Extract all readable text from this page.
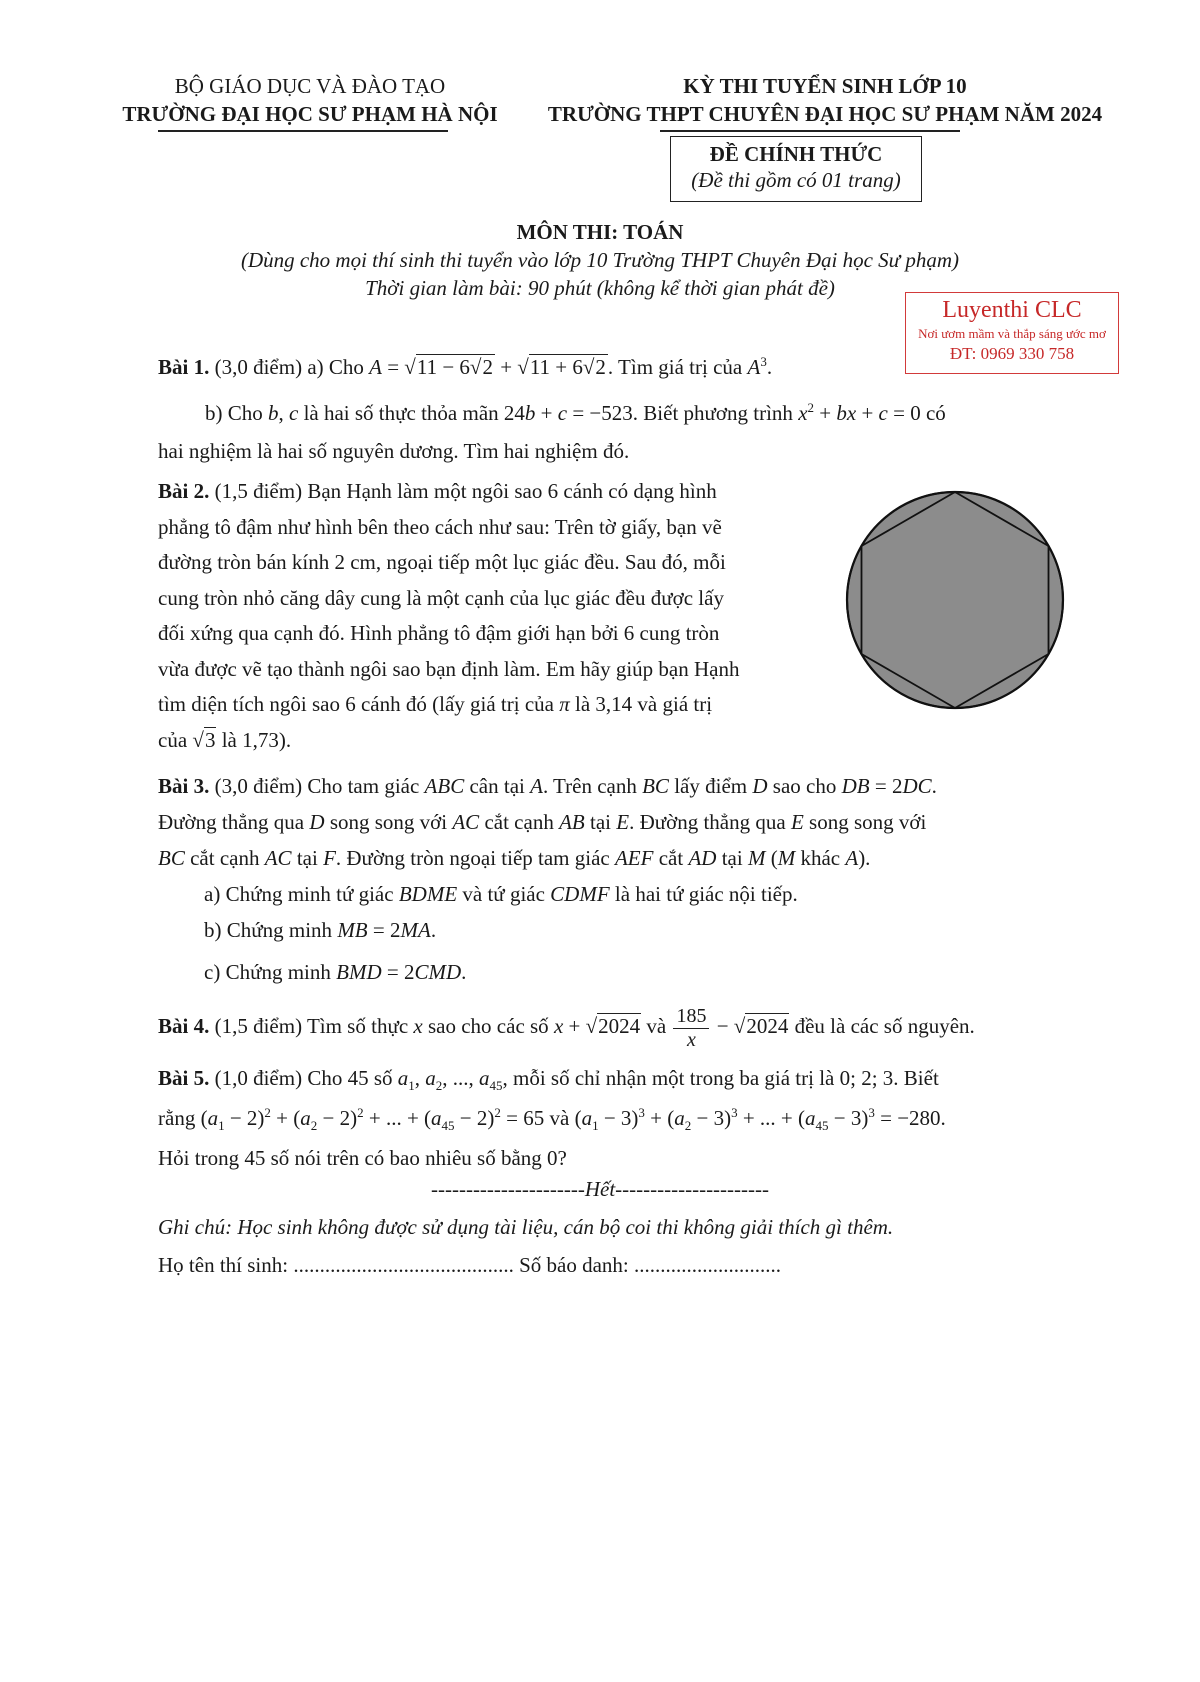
BỘ GIÁO DỤC VÀ ĐÀO TẠO
TRƯỜNG ĐẠI HỌC SƯ PHẠM HÀ NỘI
KỲ THI TUYỂN SINH LỚP 10
TRƯỜNG THPT CHUYÊN ĐẠI HỌC SƯ PHẠM NĂM 2024
ĐỀ CHÍNH THỨC
(Đề thi gồm có 01 trang)
MÔN THI: TOÁN
(Dùng cho mọi thí sinh thi tuyển vào lớp 10 Trường THPT Chuyên Đại học Sư phạm)
Thời gian làm bài: 90 phút (không kể thời gian phát đề)
Luyenthi CLC
Nơi ươm mầm và thắp sáng ước mơ
ĐT: 0969 330 758
Bài 1. (3,0 điểm) a) Cho A = √11 − 6√2 + √11 + 6√2. Tìm giá trị của $A^3$.
b) Cho b, c là hai số thực thỏa mãn 24b + c = −523. Biết phương trình $x^2$ + bx + c = 0 có
hai nghiệm là hai số nguyên dương. Tìm hai nghiệm đó.
Bài 2. (1,5 điểm) Bạn Hạnh làm một ngôi sao 6 cánh có dạng hình
phẳng tô đậm như hình bên theo cách như sau: Trên tờ giấy, bạn vẽ
đường tròn bán kính 2 cm, ngoại tiếp một lục giác đều. Sau đó, mỗi
cung tròn nhỏ căng dây cung là một cạnh của lục giác đều được lấy
đối xứng qua cạnh đó. Hình phẳng tô đậm giới hạn bởi 6 cung tròn
vừa được vẽ tạo thành ngôi sao bạn định làm. Em hãy giúp bạn Hạnh
tìm diện tích ngôi sao 6 cánh đó (lấy giá trị của π là 3,14 và giá trị
của √3 là 1,73).
Bài 3. (3,0 điểm) Cho tam giác ABC cân tại A. Trên cạnh BC lấy điểm D sao cho DB = 2DC.
Đường thẳng qua D song song với AC cắt cạnh AB tại E. Đường thẳng qua E song song với
BC cắt cạnh AC tại F. Đường tròn ngoại tiếp tam giác AEF cắt AD tại M (M khác A).
a) Chứng minh tứ giác BDME và tứ giác CDMF là hai tứ giác nội tiếp.
b) Chứng minh MB = 2MA.
c) Chứng minh BMD = 2CMD.
Bài 4. (1,5 điểm) Tìm số thực x sao cho các số x + √2024 và $\frac{185}{x} - √2024$ đều là các số nguyên.
Bài 5. (1,0 điểm) Cho 45 số $a_1$, $a_2$, ..., $a_{45}$, mỗi số chỉ nhận một trong ba giá trị là 0; 2; 3. Biết
rằng $(a_1 - 2)^2 + (a_2 - 2)^2$ + ... + $(a_{45} - 2)^2 = 65$ và $(a_1 - 3)^3 + (a_2 - 3)^3$ + ... + $(a_{45} - 3)^3 = -280$.
Hỏi trong 45 số nói trên có bao nhiêu số bằng 0?
----------------------Hết----------------------
Ghi chú: Học sinh không được sử dụng tài liệu, cán bộ coi thi không giải thích gì thêm.
Họ tên thí sinh: .......................................... Số báo danh: ............................
